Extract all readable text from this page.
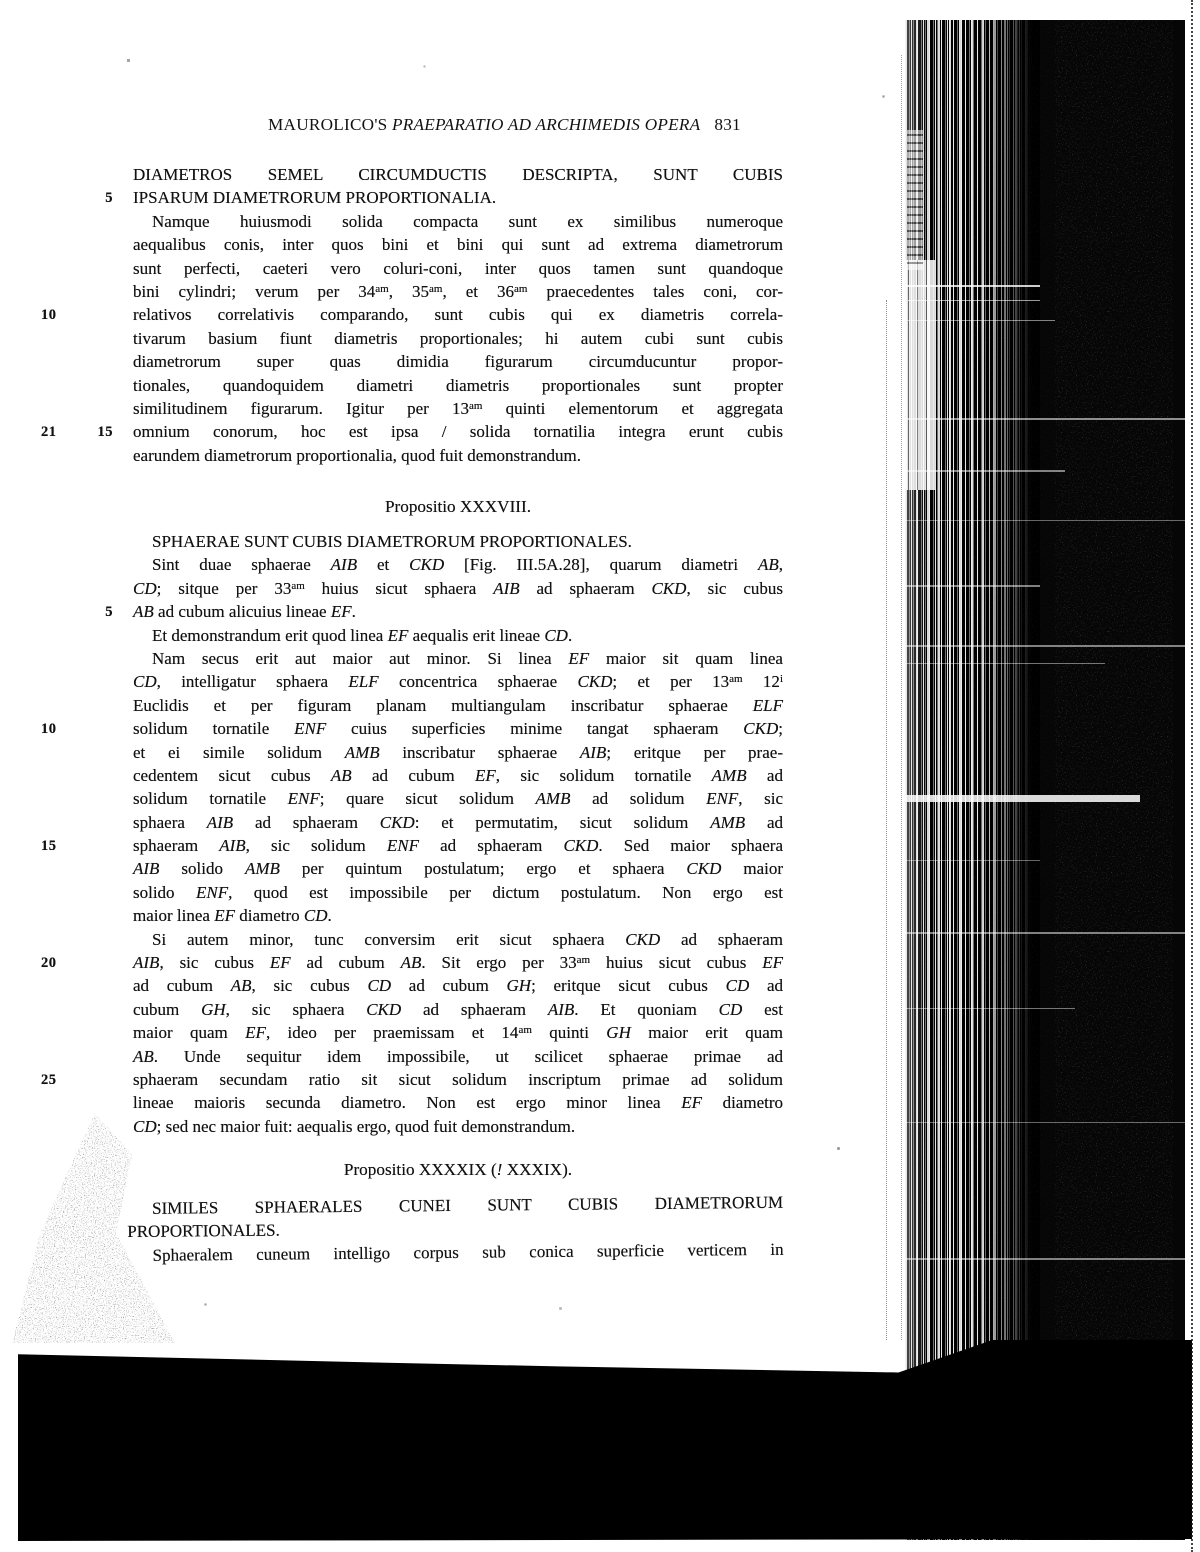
MAUROLICO'S PRAEPARATIO AD ARCHIMEDIS OPERA 831
DIAMETROS SEMEL CIRCUMDUCTIS DESCRIPTA, SUNT CUBIS
5 IPSARUM DIAMETRORUM PROPORTIONALIA.
Namque huiusmodi solida compacta sunt ex similibus numeroque
aequalibus conis, inter quos bini et bini qui sunt ad extrema diametrorum
sunt perfecti, caeteri vero coluri-coni, inter quos tamen sunt quandoque
bini cylindri; verum per $34^{am}$, $35^{am}$, et $36^{am}$ praecedentes tales coni, cor-
10	relativos correlativis comparando, sunt cubis qui ex diametris correla-
tivarum basium fiunt diametris proportionales; hi autem cubi sunt cubis
diametrorum super quas dimidia figurarum circumducuntur propor-
tionales, quandoquidem diametri diametris proportionales sunt propter
similitudinem figurarum. Igitur per $13^{am}$ quinti elementorum et aggregata
21  15 omnium conorum, hoc est ipsa / solida tornatilia integra erunt cubis
earundem diametrorum proportionalia, quod fuit demonstrandum.
SPHAERAE SUNT CUBIS DIAMETRORUM PROPORTIONALES.
Sint duae sphaerae AIB et CKD [Fig. III.5A.28], quarum diametri AB,
CD; sitque per $33^{am}$ huius sicut sphaera AIB ad sphaeram CKD, sic cubus
5 AB ad cubum alicuius lineae EF.
Et demonstrandum erit quod linea EF aequalis erit lineae CD.
Nam secus erit aut maior aut minor. Si linea EF maior sit quam linea
CD, intelligatur sphaera ELF concentrica sphaerae CKD; et per $13^{am}$ 12$^i$
Euclidis et per figuram planam multiangulam inscribatur sphaerae ELF
10	solidum tornatile ENF cuius superficies minime tangat sphaeram CKD;
et ei simile solidum AMB inscribatur sphaerae AIB; eritque per prae-
cedentem sicut cubus AB ad cubum EF, sic solidum tornatile AMB ad
solidum tornatile ENF; quare sicut solidum AMB ad solidum ENF, sic
sphaera AIB ad sphaeram CKD: et permutatim, sicut solidum AMB ad
15	sphaeram AIB, sic solidum ENF ad sphaeram CKD. Sed maior sphaera
AIB solido AMB per quintum postulatum; ergo et sphaera CKD maior
solido ENF, quod est impossibile per dictum postulatum. Non ergo est
maior linea EF diametro CD.
Si autem minor, tunc conversim erit sicut sphaera CKD ad sphaeram
20	AIB, sic cubus EF ad cubum AB. Sit ergo per $33^{am}$ huius sicut cubus EF
ad cubum AB, sic cubus CD ad cubum GH; eritque sicut cubus CD ad
cubum GH, sic sphaera CKD ad sphaeram AIB. Et quoniam CD est
maior quam EF, ideo per praemissam et $14^{am}$ quinti GH maior erit quam
AB. Unde sequitur idem impossibile, ut scilicet sphaerae primae ad
25	sphaeram secundam ratio sit sicut solidum inscriptum primae ad solidum
lineae maioris secunda diametro. Non est ergo minor linea EF diametro
CD; sed nec maior fuit: aequalis ergo, quod fuit demonstrandum.
SIMILES SPHAERALES CUNEI SUNT CUBIS DIAMETRORUM
PROPORTIONALES.
Sphaeralem cuneum intelligo corpus sub conica superficie verticem in
Propositio XXXVIII.
Propositio XXXXIX (! XXXIX).
